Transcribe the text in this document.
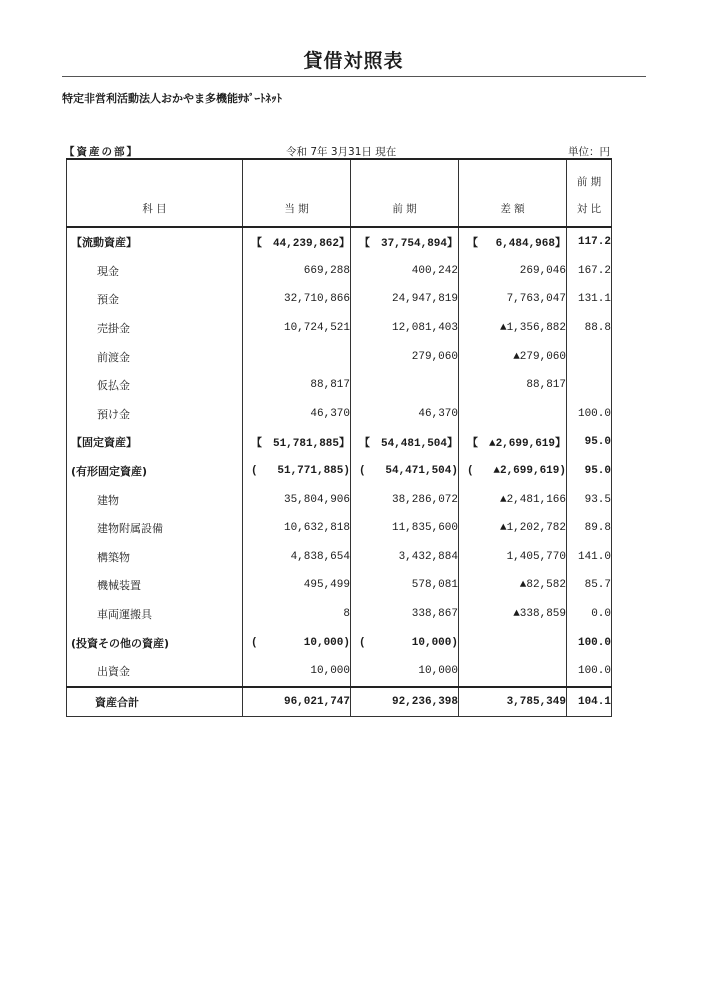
貸借対照表
特定非営利活動法人おかやま多機能ｻﾎﾟｰﾄﾈｯﾄ
【資産の部】	令和 7年 3月31日 現在	単位：円
科 目	当 期	前 期	差 額	前 期
対 比

【流動資産】	【 44,239,862】	【 37,754,894】	【 6,484,968】	117.2

現金	669,288	400,242	269,046	167.2

預金	32,710,866	24,947,819	7,763,047	131.1

売掛金	10,724,521	12,081,403	▲1,356,882	88.8

前渡金		279,060	▲279,060	

仮払金	88,817		88,817	

預け金	46,370	46,370		100.0

【固定資産】	【 51,781,885】	【 54,481,504】	【 ▲2,699,619】	95.0

(有形固定資産)	( 51,771,885)	( 54,471,504)	( ▲2,699,619)	95.0

建物	35,804,906	38,286,072	▲2,481,166	93.5

建物附属設備	10,632,818	11,835,600	▲1,202,782	89.8

構築物	4,838,654	3,432,884	1,405,770	141.0

機械装置	495,499	578,081	▲82,582	85.7

車両運搬具	8	338,867	▲338,859	0.0

(投資その他の資産)	( 10,000)	( 10,000)		100.0

出資金	10,000	10,000		100.0

資産合計	96,021,747	92,236,398	3,785,349	104.1
